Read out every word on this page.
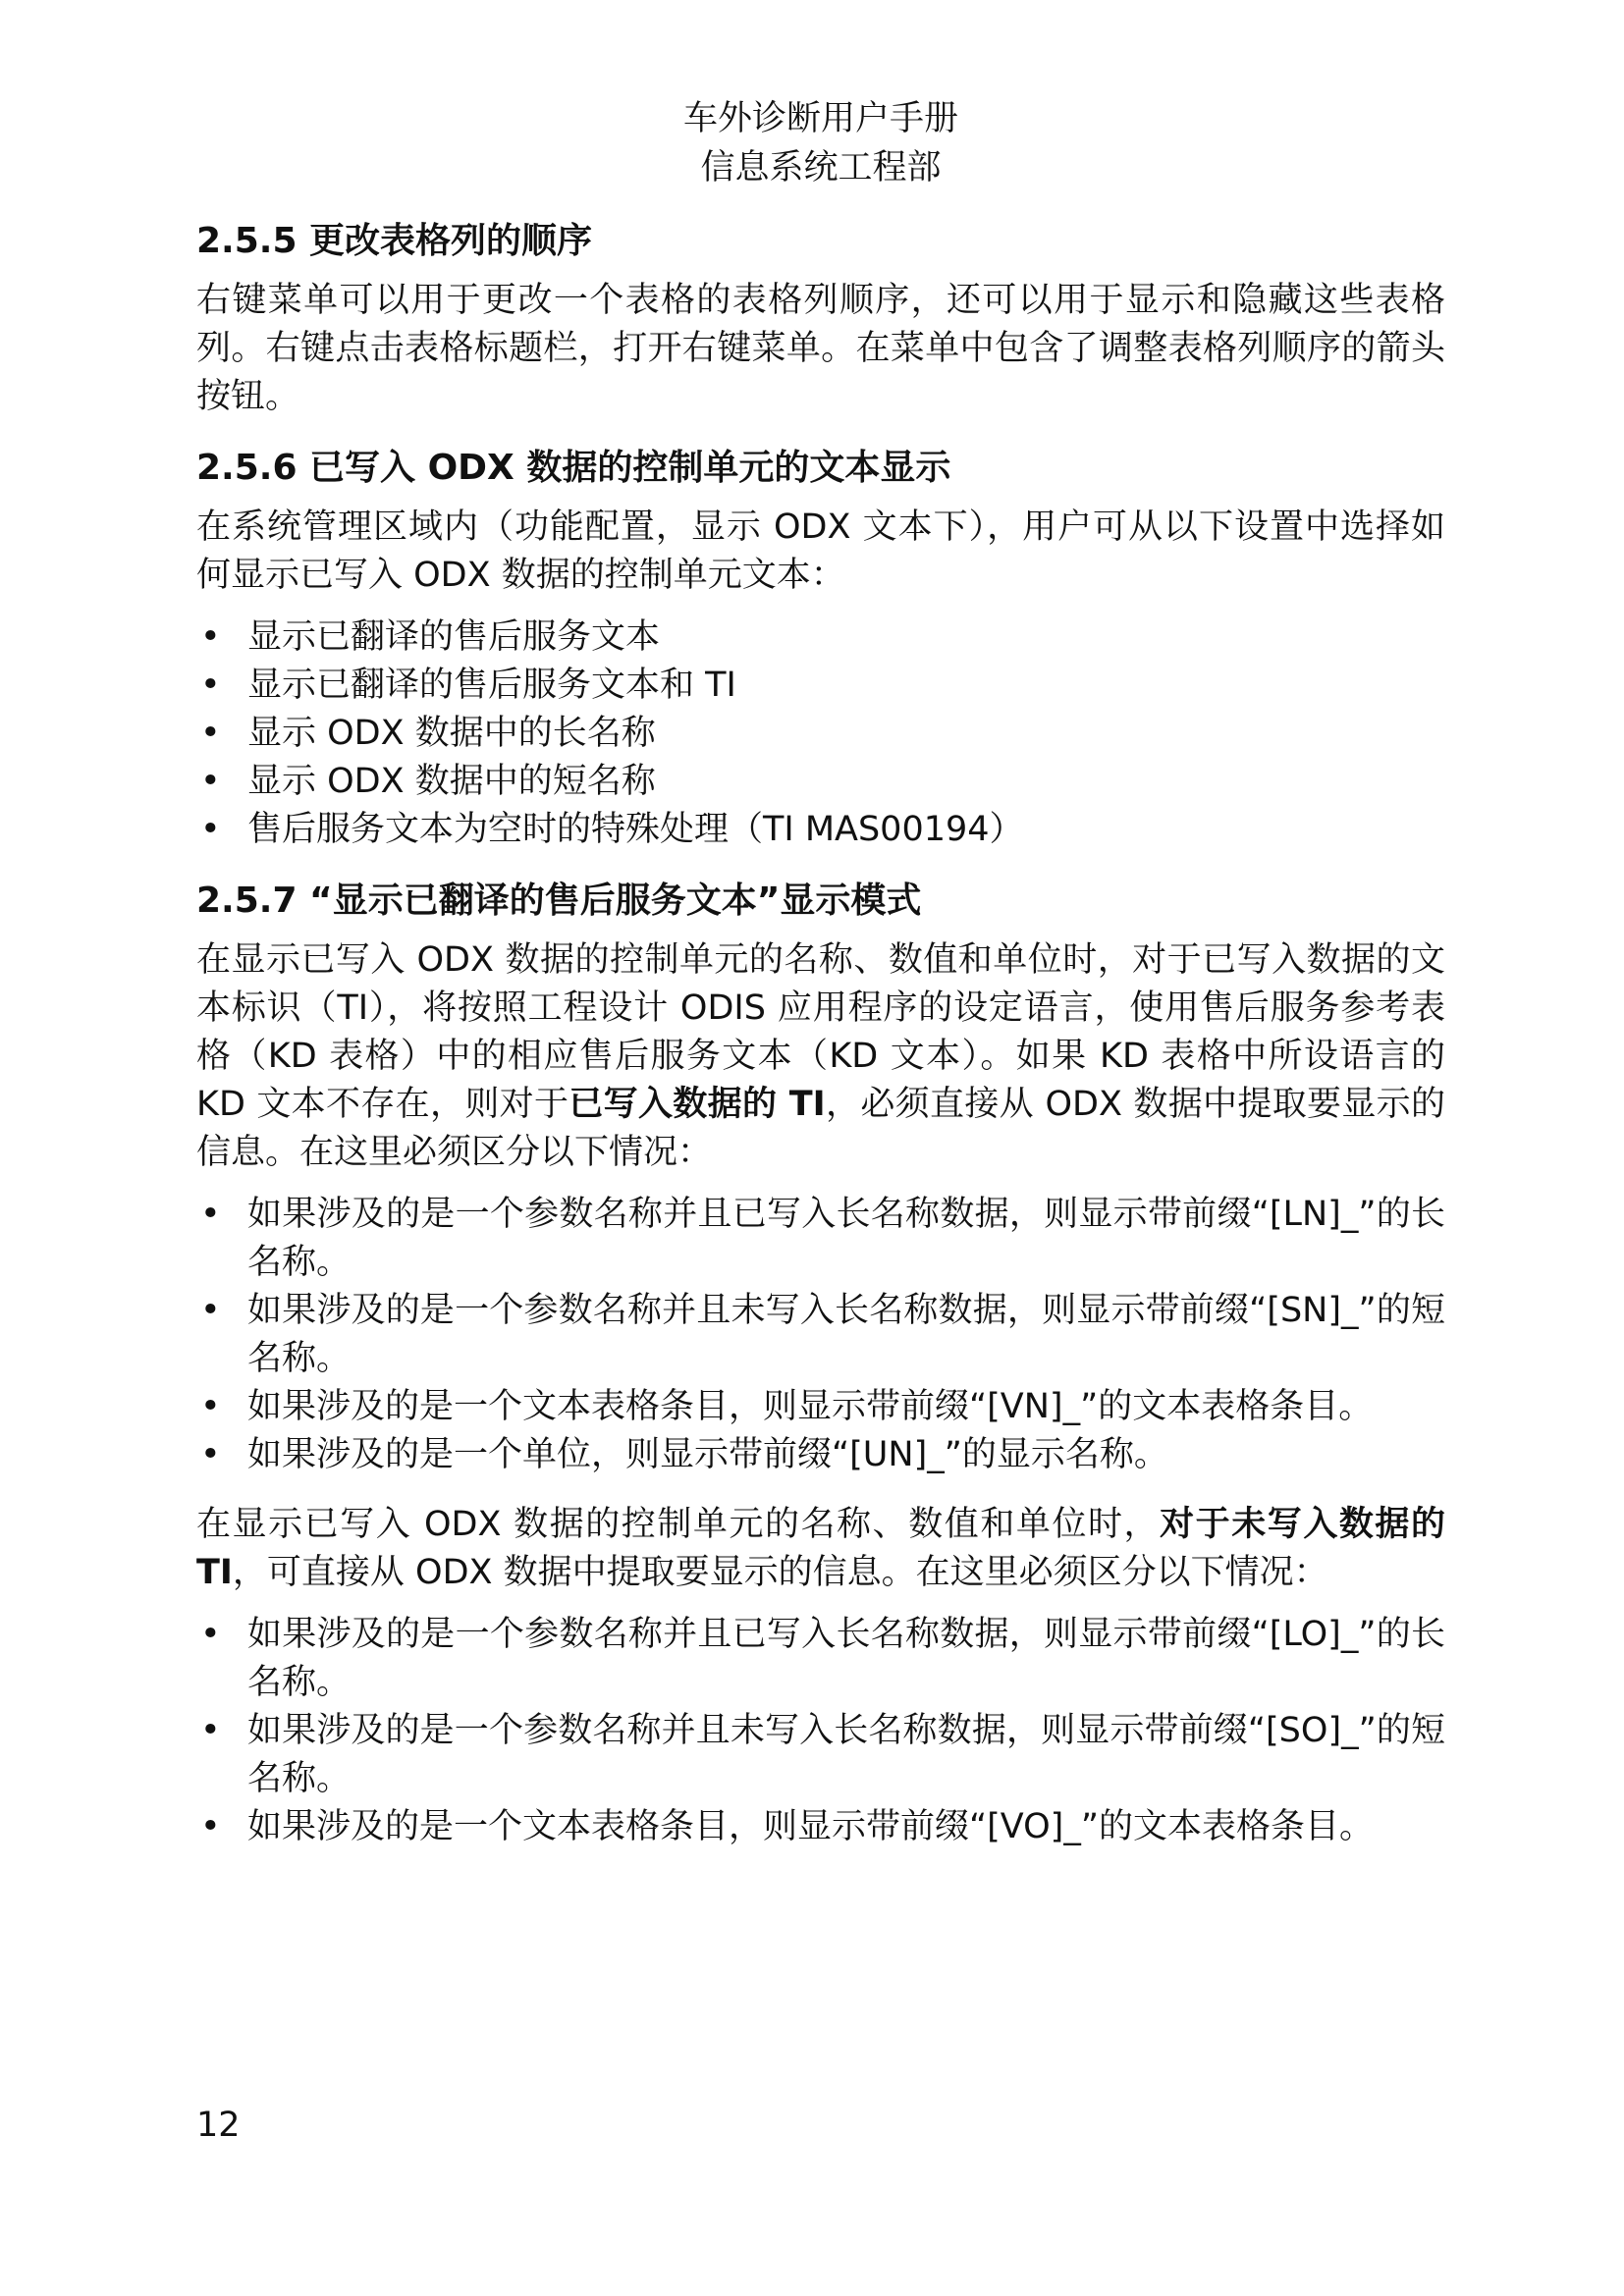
车外诊断用户手册
信息系统工程部
2.5.5 更改表格列的顺序

右键菜单可以用于更改一个表格的表格列顺序，还可以用于显示和隐藏这些表格列。右键点击表格标题栏，打开右键菜单。在菜单中包含了调整表格列顺序的箭头按钮。

2.5.6 已写入 ODX 数据的控制单元的文本显示

在系统管理区域内（功能配置，显示 ODX 文本下），用户可从以下设置中选择如何显示已写入 ODX 数据的控制单元文本：

• 显示已翻译的售后服务文本
• 显示已翻译的售后服务文本和 TI
• 显示 ODX 数据中的长名称
• 显示 ODX 数据中的短名称
• 售后服务文本为空时的特殊处理（TI MAS00194）
2.5.7 “显示已翻译的售后服务文本”显示模式

在显示已写入 ODX 数据的控制单元的名称、数值和单位时，对于已写入数据的文本标识（TI），将按照工程设计 ODIS 应用程序的设定语言，使用售后服务参考表格（KD 表格）中的相应售后服务文本（KD 文本）。如果 KD 表格中所设语言的 KD 文本不存在，则对于已写入数据的 TI，必须直接从 ODX 数据中提取要显示的信息。在这里必须区分以下情况：

• 如果涉及的是一个参数名称并且已写入长名称数据，则显示带前缀“[LN]_”的长名称。
• 如果涉及的是一个参数名称并且未写入长名称数据，则显示带前缀“[SN]_”的短名称。
• 如果涉及的是一个文本表格条目，则显示带前缀“[VN]_”的文本表格条目。
• 如果涉及的是一个单位，则显示带前缀“[UN]_”的显示名称。

在显示已写入 ODX 数据的控制单元的名称、数值和单位时，对于未写入数据的 TI，可直接从 ODX 数据中提取要显示的信息。在这里必须区分以下情况：

• 如果涉及的是一个参数名称并且已写入长名称数据，则显示带前缀“[LO]_”的长名称。
• 如果涉及的是一个参数名称并且未写入长名称数据，则显示带前缀“[SO]_”的短名称。
• 如果涉及的是一个文本表格条目，则显示带前缀“[VO]_”的文本表格条目。
12
